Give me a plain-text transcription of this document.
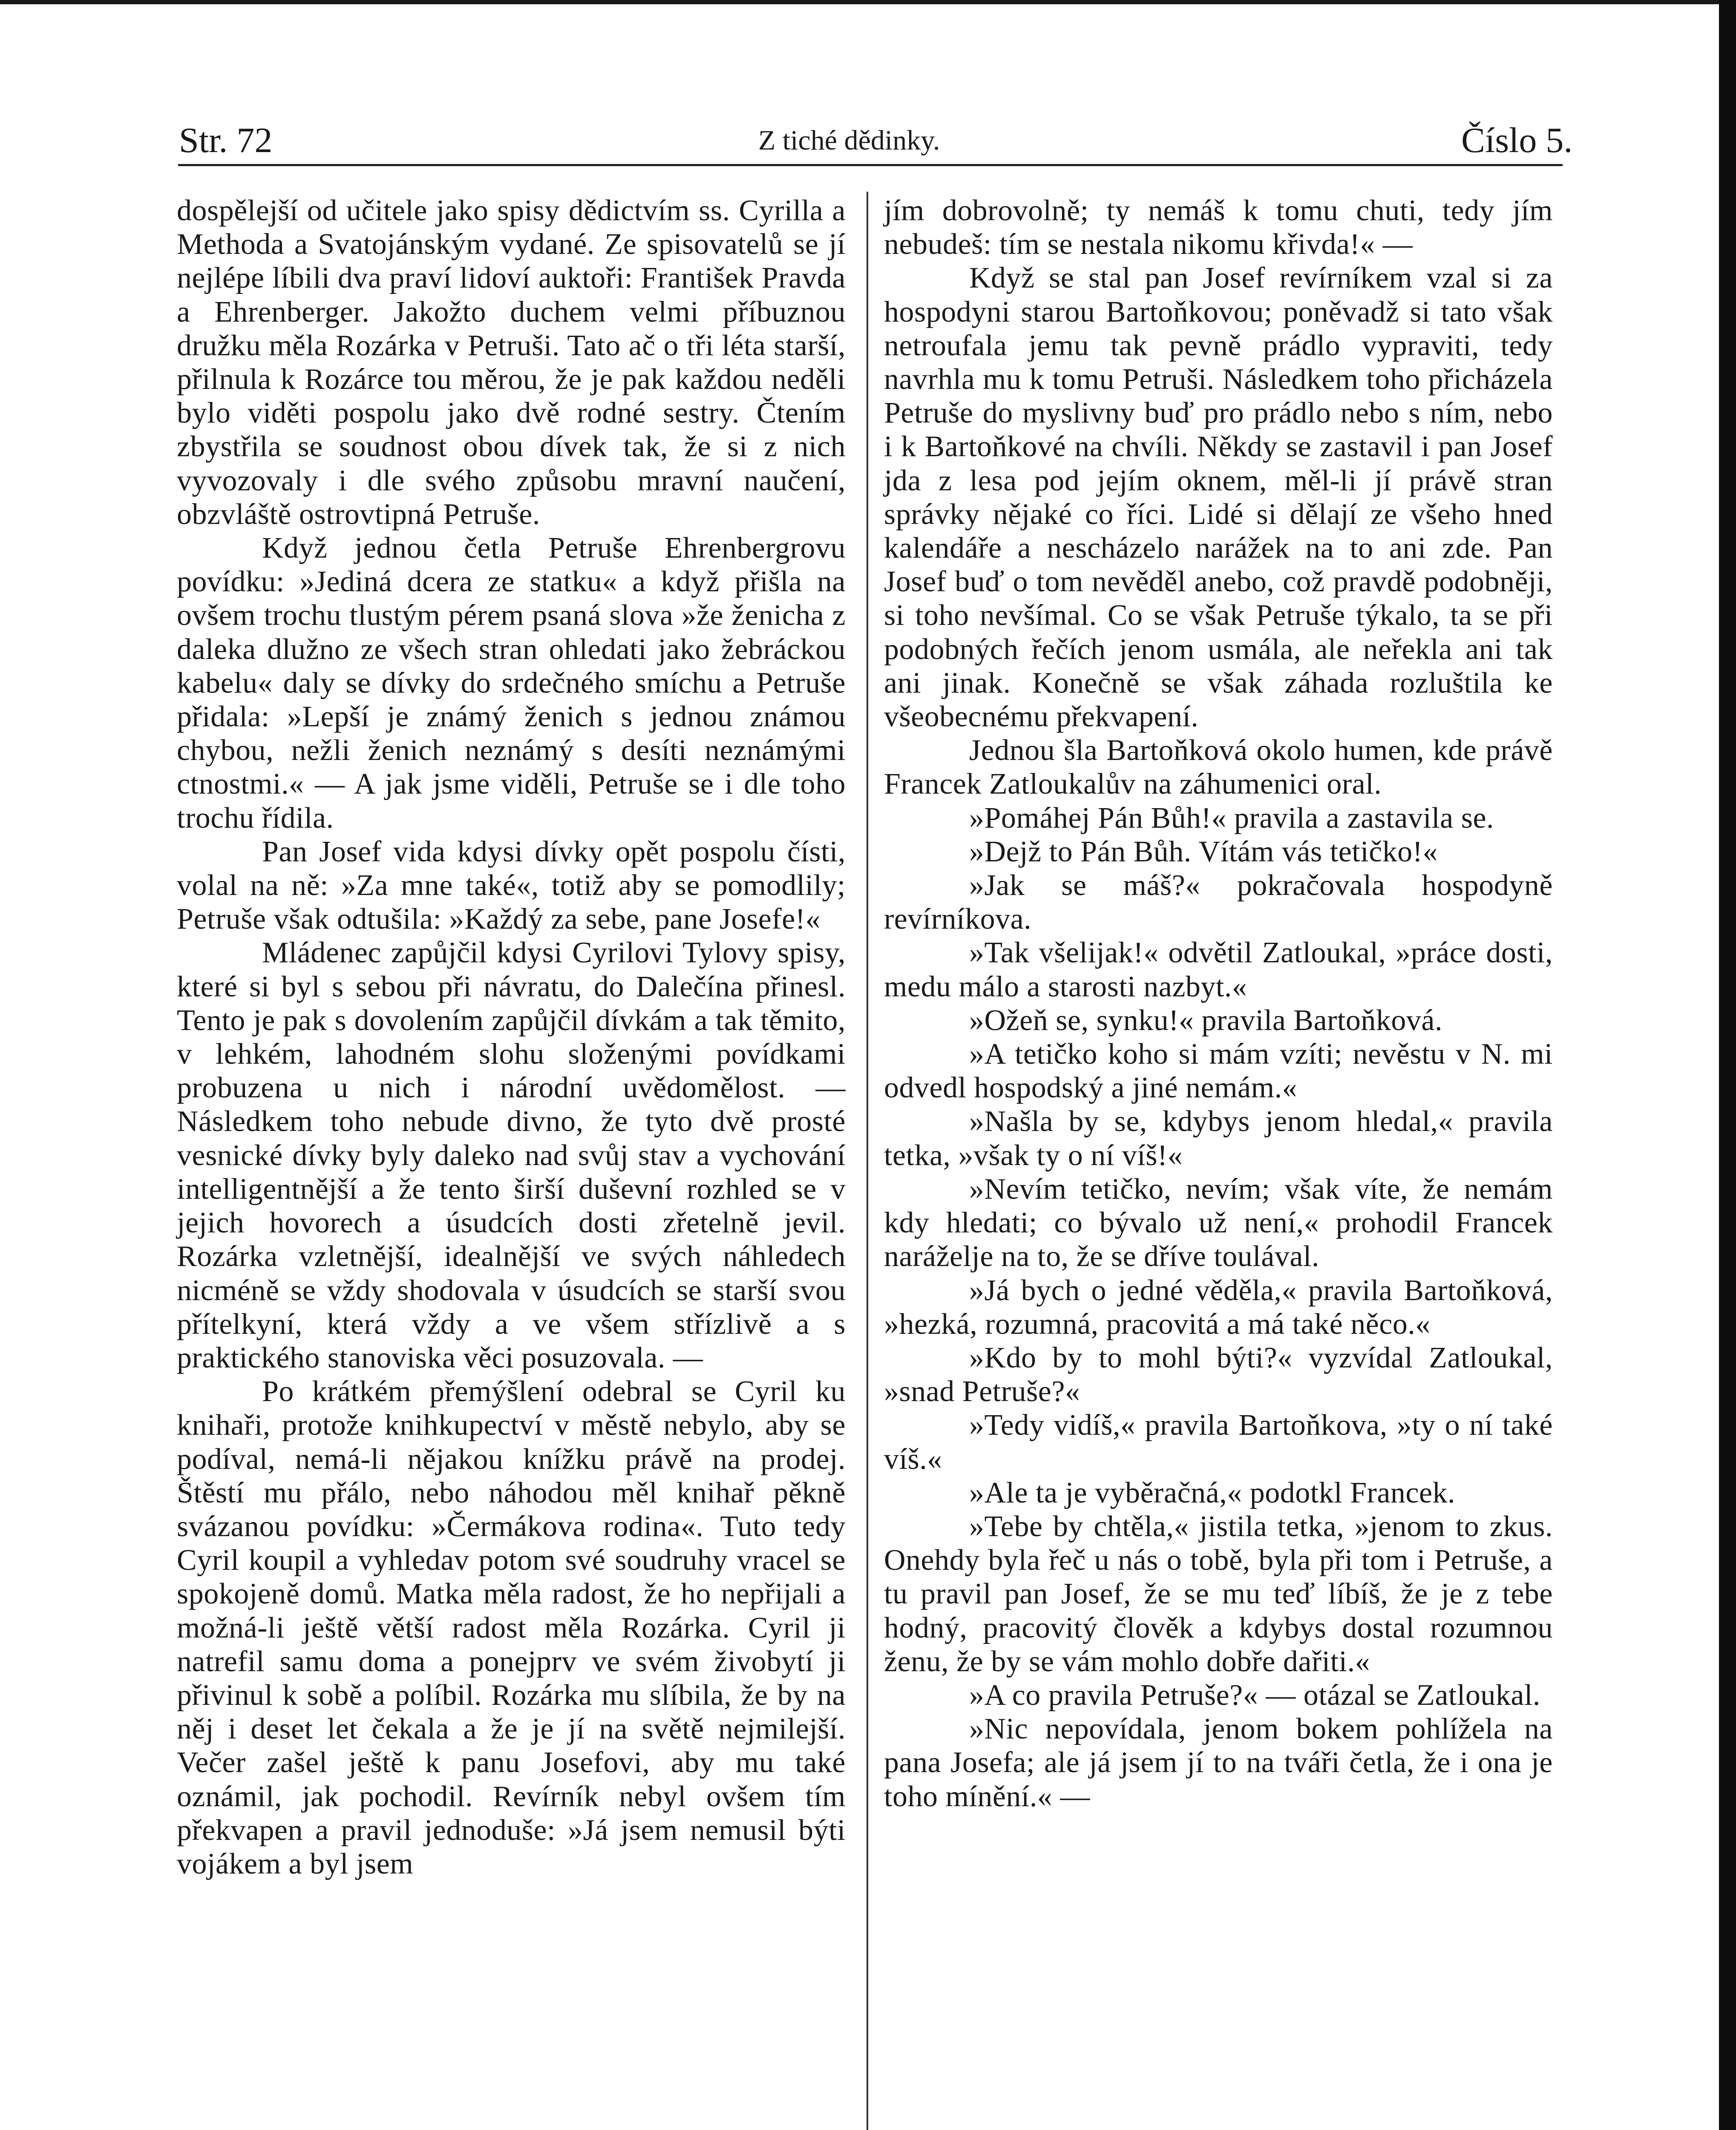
Str. 72	Z tiché dědinky.	Číslo 5.

dospělejší od učitele jako spisy dědictvím ss. Cyrilla a Methoda a Svatojánským vydané. Ze spisovatelů se jí nejlépe líbili dva praví lidoví auktoři: František Pravda a Ehrenberger. Jakožto duchem velmi příbuznou družku měla Rozárka v Petruši. Tato ač o tři léta starší, přilnula k Rozárce tou měrou, že je pak každou neděli bylo viděti pospolu jako dvě rodné sestry. Čtením zbystřila se soudnost obou dívek tak, že si z nich vyvozovaly i dle svého způsobu mravní naučení, obzvláště ostrovtipná Petruše.

Když jednou četla Petruše Ehrenbergrovu povídku: »Jediná dcera ze statku« a když přišla na ovšem trochu tlustým pérem psaná slova »že ženicha z daleka dlužno ze všech stran ohledati jako žebráckou kabelu« daly se dívky do srdečného smíchu a Petruše přidala: »Lepší je známý ženich s jednou známou chybou, nežli ženich neznámý s desíti neznámými ctnostmi.« — A jak jsme viděli, Petruše se i dle toho trochu řídila.

Pan Josef vida kdysi dívky opět pospolu čísti, volal na ně: »Za mne také«, totiž aby se pomodlily; Petruše však odtušila: »Každý za sebe, pane Josefe!«

Mládenec zapůjčil kdysi Cyrilovi Tylovy spisy, které si byl s sebou při návratu, do Dalečína přinesl. Tento je pak s dovolením zapůjčil dívkám a tak těmito, v lehkém, lahodném slohu složenými povídkami probuzena u nich i národní uvědomělost. — Následkem toho nebude divno, že tyto dvě prosté vesnické dívky byly daleko nad svůj stav a vychování intelligentnější a že tento širší duševní rozhled se v jejich hovorech a úsudcích dosti zřetelně jevil. Rozárka vzletnější, idealnější ve svých náhledech nicméně se vždy shodovala v úsudcích se starší svou přítelkyní, která vždy a ve všem střízlivě a s praktického stanoviska věci posuzovala. —

Po krátkém přemýšlení odebral se Cyril ku knihaři, protože knihkupectví v městě nebylo, aby se podíval, nemá-li nějakou knížku právě na prodej. Štěstí mu přálo, nebo náhodou měl knihař pěkně svázanou povídku: »Čermákova rodina«. Tuto tedy Cyril koupil a vyhledav potom své soudruhy vracel se spokojeně domů. Matka měla radost, že ho nepřijali a možná-li ještě větší radost měla Rozárka. Cyril ji natrefil samu doma a ponejprv ve svém živobytí ji přivinul k sobě a políbil. Rozárka mu slíbila, že by na něj i deset let čekala a že je jí na světě nejmilejší. Večer zašel ještě k panu Josefovi, aby mu také oznámil, jak pochodil. Revírník nebyl ovšem tím překvapen a pravil jednoduše: »Já jsem nemusil býti vojákem a byl jsem

jím dobrovolně; ty nemáš k tomu chuti, tedy jím nebudeš: tím se nestala nikomu křivda!« —

Když se stal pan Josef revírníkem vzal si za hospodyni starou Bartoňkovou; poněvadž si tato však netroufala jemu tak pevně prádlo vypraviti, tedy navrhla mu k tomu Petruši. Následkem toho přicházela Petruše do myslivny buď pro prádlo nebo s ním, nebo i k Bartoňkové na chvíli. Někdy se zastavil i pan Josef jda z lesa pod jejím oknem, měl-li jí právě stran správky nějaké co říci. Lidé si dělají ze všeho hned kalendáře a nescházelo narážek na to ani zde. Pan Josef buď o tom nevěděl anebo, což pravdě podobněji, si toho nevšímal. Co se však Petruše týkalo, ta se při podobných řečích jenom usmála, ale neřekla ani tak ani jinak. Konečně se však záhada rozluštila ke všeobecnému překvapení.

Jednou šla Bartoňková okolo humen, kde právě Francek Zatloukalův na záhumenici oral.

»Pomáhej Pán Bůh!« pravila a zastavila se.

»Dejž to Pán Bůh. Vítám vás tetičko!«

»Jak se máš?« pokračovala hospodyně revírníkova.

»Tak všelijak!« odvětil Zatloukal, »práce dosti, medu málo a starosti nazbyt.«

»Ožeň se, synku!« pravila Bartoňková.

»A tetičko koho si mám vzíti; nevěstu v N. mi odvedl hospodský a jiné nemám.«

»Našla by se, kdybys jenom hledal,« pravila tetka, »však ty o ní víš!«

»Nevím tetičko, nevím; však víte, že nemám kdy hledati; co bývalo už není,« prohodil Francek naráželje na to, že se dříve toulával.

»Já bych o jedné věděla,« pravila Bartoňková, »hezká, rozumná, pracovitá a má také něco.«

»Kdo by to mohl býti?« vyzvídal Zatloukal, »snad Petruše?«

»Tedy vidíš,« pravila Bartoňkova, »ty o ní také víš.«

»Ale ta je vyběračná,« podotkl Francek.

»Tebe by chtěla,« jistila tetka, »jenom to zkus. Onehdy byla řeč u nás o tobě, byla při tom i Petruše, a tu pravil pan Josef, že se mu teď líbíš, že je z tebe hodný, pracovitý člověk a kdybys dostal rozumnou ženu, že by se vám mohlo dobře dařiti.«

»A co pravila Petruše?« — otázal se Zatloukal.

»Nic nepovídala, jenom bokem pohlížela na pana Josefa; ale já jsem jí to na tváři četla, že i ona je toho mínění.« —
